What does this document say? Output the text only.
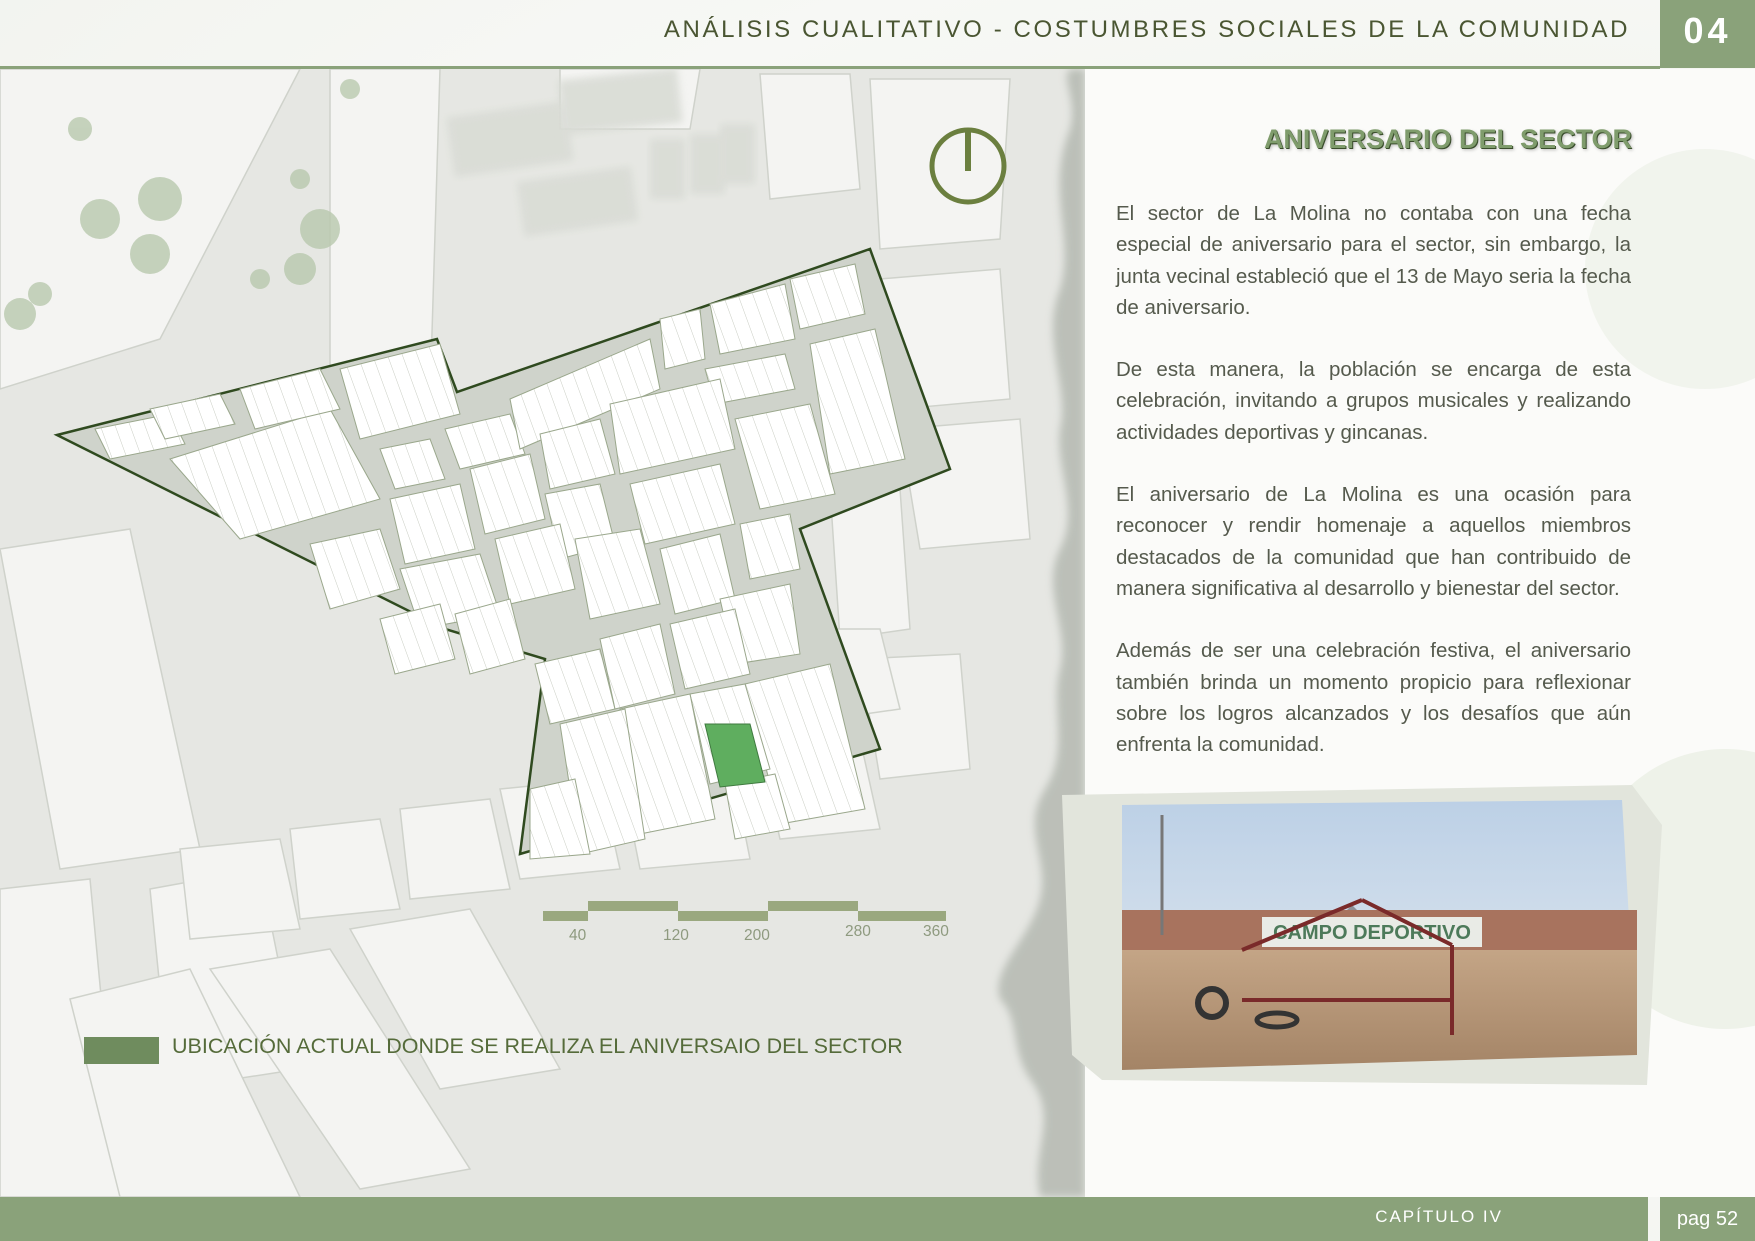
ANÁLISIS CUALITATIVO - COSTUMBRES SOCIALES DE LA COMUNIDAD	04
40	120	200	280	360
UBICACIÓN ACTUAL DONDE SE REALIZA EL ANIVERSAIO DEL SECTOR
ANIVERSARIO DEL SECTOR

El sector de La Molina no contaba con una fecha especial de aniversario para el sector, sin embargo, la junta vecinal estableció que el 13 de Mayo seria la fecha de aniversario.

De esta manera, la población se encarga de esta celebración, invitando a grupos musicales y realizando actividades deportivas y gincanas.

El aniversario de La Molina es una ocasión para reconocer y rendir homenaje a aquellos miembros destacados de la comunidad que han contribuido de manera significativa al desarrollo y bienestar del sector.

Además de ser una celebración festiva, el aniversario también brinda un momento propicio para reflexionar sobre los logros alcanzados y los desafíos que aún enfrenta la comunidad.

CAMPO DEPORTIVO
CAPÍTULO IV	pag 52
